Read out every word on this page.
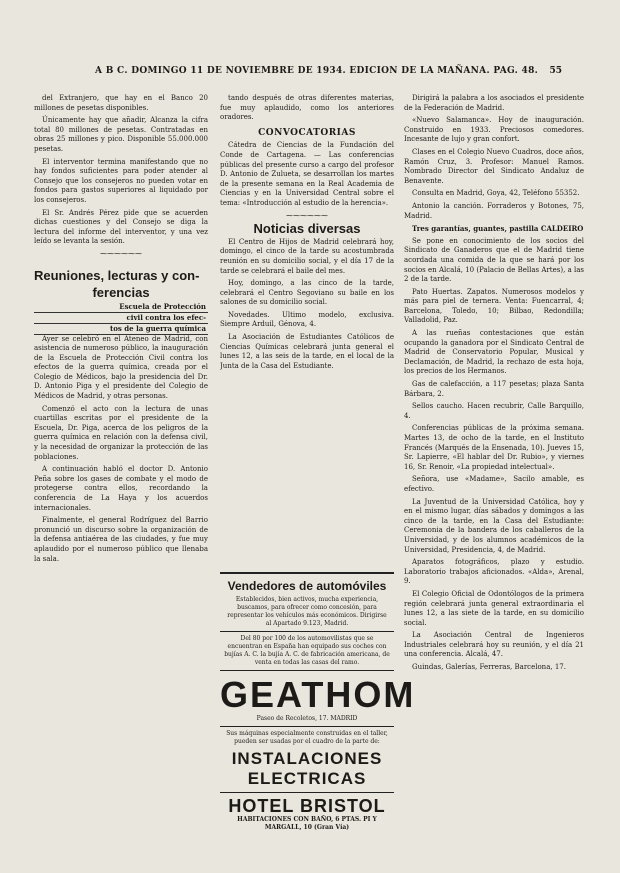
A B C. DOMINGO 11 DE NOVIEMBRE DE 1934. EDICION DE LA MAÑANA. PAG. 48.	55

del Extranjero, que hay en el Banco 20 millones de pesetas disponibles.

Únicamente hay que añadir, Alcanza la cifra total 80 millones de pesetas. Contratadas en obras 25 millones y pico. Disponible 55.000.000 pesetas.

El interventor termina manifestando que no hay fondos suficientes para poder atender al Consejo que los consejeros no pueden votar en fondos para gastos superiores al liquidado por los consejeros.

El Sr. Andrés Pérez pide que se acuerden dichas cuestiones y del Consejo se diga la lectura del informe del interventor, y una vez leído se levanta la sesión.

⁓⁓⁓⁓⁓⁓
Reuniones, lecturas y con-
ferencias
Escuela de Protección
civil contra los efec-
tos de la guerra química

Ayer se celebró en el Ateneo de Madrid, con asistencia de numeroso público, la inauguración de la Escuela de Protección Civil contra los efectos de la guerra química, creada por el Colegio de Médicos, bajo la presidencia del Dr. D. Antonio Piga y el presidente del Colegio de Médicos de Madrid, y otras personas.

Comenzó el acto con la lectura de unas cuartillas escritas por el presidente de la Escuela, Dr. Piga, acerca de los peligros de la guerra química en relación con la defensa civil, y la necesidad de organizar la protección de las poblaciones.

A continuación habló el doctor D. Antonio Peña sobre los gases de combate y el modo de protegerse contra ellos, recordando la conferencia de La Haya y los acuerdos internacionales.

Finalmente, el general Rodríguez del Barrio pronunció un discurso sobre la organización de la defensa antiaérea de las ciudades, y fue muy aplaudido por el numeroso público que llenaba la sala.

tando después de otras diferentes materias, fue muy aplaudido, como los anteriores oradores.

CONVOCATORIAS

Cátedra de Ciencias de la Fundación del Conde de Cartagena. — Las conferencias públicas del presente curso a cargo del profesor D. Antonio de Zulueta, se desarrollan los martes de la presente semana en la Real Academia de Ciencias y en la Universidad Central sobre el tema: «Introducción al estudio de la herencia».

⁓⁓⁓⁓⁓⁓
Noticias diversas

El Centro de Hijos de Madrid celebrará hoy, domingo, el cinco de la tarde su acostumbrada reunión en su domicilio social, y el día 17 de la tarde se celebrará el baile del mes.

Hoy, domingo, a las cinco de la tarde, celebrará el Centro Segoviano su baile en los salones de su domicilio social.

Novedades. Ultimo modelo, exclusiva. Siempre Arduil, Génova, 4.

La Asociación de Estudiantes Católicos de Ciencias Químicas celebrará junta general el lunes 12, a las seis de la tarde, en el local de la Junta de la Casa del Estudiante.

Vendedores de automóviles
Establecidos, bien activos, mucha experiencia, buscamos, para ofrecer como concesión, para representar los vehículos más económicos. Dirigirse al Apartado 9.123, Madrid.
Del 80 por 100 de los automovilistas que se encuentran en España han equipado sus coches con bujías A. C. la bujía A. C. de fabricación americana, de venta en todas las casas del ramo.
GEATHOM
Paseo de Recoletos, 17. MADRID
Sus máquinas especialmente construidas en el taller, pueden ser usadas por el cuadro de la parte de:
INSTALACIONES ELECTRICAS
HOTEL BRISTOL
HABITACIONES CON BAÑO, 6 PTAS. PI Y MARGALL, 10 (Gran Vía)

Dirigirá la palabra a los asociados el presidente de la Federación de Madrid.

«Nuevo Salamanca». Hoy de inauguración. Construido en 1933. Preciosos comedores. Incesante de lujo y gran confort.

Clases en el Colegio Nuevo Cuadros, doce años, Ramón Cruz, 3. Profesor: Manuel Ramos. Nombrado Director del Sindicato Andaluz de Benavente.

Consulta en Madrid, Goya, 42, Teléfono 55352.

Antonio la canción. Forraderos y Botones, 75, Madrid.

Tres garantías, guantes, pastilla CALDEIRO

Se pone en conocimiento de los socios del Sindicato de Ganaderos que el de Madrid tiene acordada una comida de la que se hará por los socios en Alcalá, 10 (Palacio de Bellas Artes), a las 2 de la tarde.

Pato Huertas. Zapatos. Numerosos modelos y más para piel de ternera. Venta: Fuencarral, 4; Barcelona, Toledo, 10; Bilbao, Redondilla; Valladolid, Paz.

A las rueñas contestaciones que están ocupando la ganadora por el Sindicato Central de Madrid de Conservatorio Popular, Musical y Declamación, de Madrid, la rechazo de esta hoja, los precios de los Hermanos.

Gas de calefacción, a 117 pesetas; plaza Santa Bárbara, 2.

Sellos caucho. Hacen recubrir, Calle Barquillo, 4.

Conferencias públicas de la próxima semana. Martes 13, de ocho de la tarde, en el Instituto Francés (Marqués de la Ensenada, 10). Jueves 15, Sr. Lapierre, «El hablar del Dr. Rubio», y viernes 16, Sr. Renoir, «La propiedad intelectual».

Señora, use «Madame», Sacilo amable, es efectivo.

La Juventud de la Universidad Católica, hoy y en el mismo lugar, días sábados y domingos a las cinco de la tarde, en la Casa del Estudiante: Ceremonia de la bandera de los caballeros de la Universidad, y de los alumnos académicos de la Universidad, Presidencia, 4, de Madrid.

Aparatos fotográficos, plazo y estudio. Laboratorio trabajos aficionados. «Alda», Arenal, 9.

El Colegio Oficial de Odontólogos de la primera región celebrará junta general extraordinaria el lunes 12, a las siete de la tarde, en su domicilio social.

La Asociación Central de Ingenieros Industriales celebrará hoy su reunión, y el día 21 una conferencia. Alcalá, 47.

Guindas, Galerías, Ferreras, Barcelona, 17.
